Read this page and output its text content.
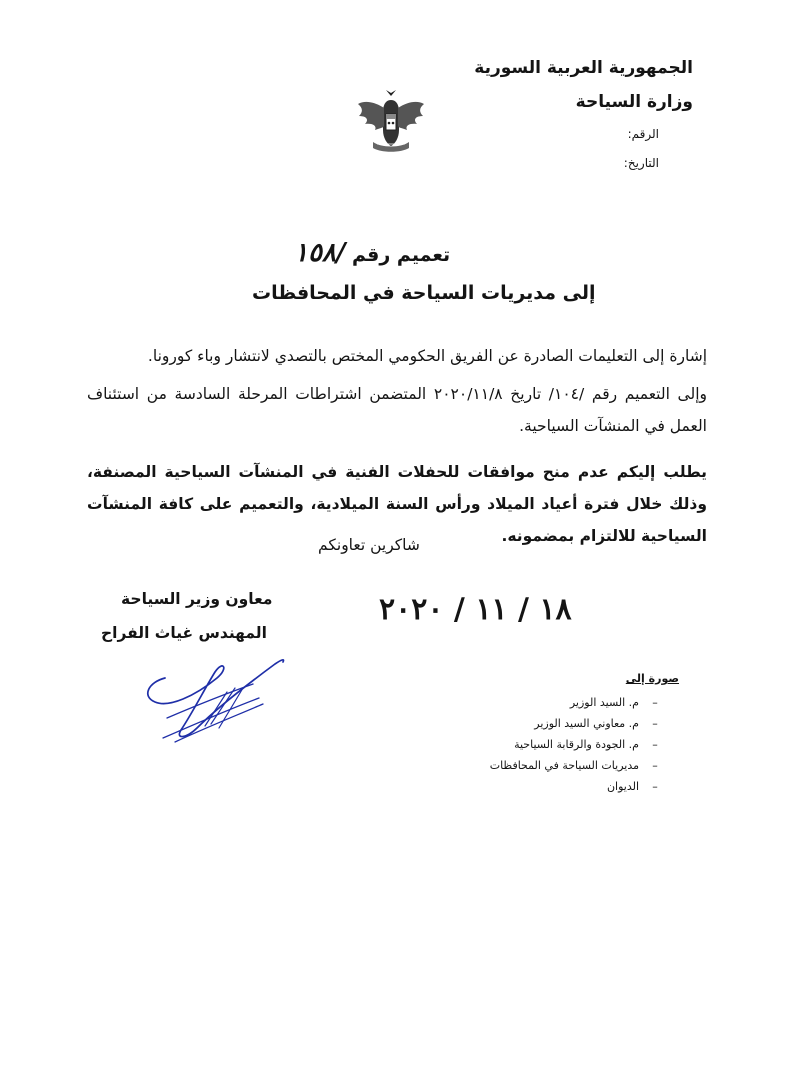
الجمهورية العربية السورية
وزارة السياحة
الرقم:
التاريخ:
تعميم رقم /١٥٨
إلى مديريات السياحة في المحافظات
إشارة إلى التعليمات الصادرة عن الفريق الحكومي المختص بالتصدي لانتشار وباء كورونا.
وإلى التعميم رقم /١٠٤/ تاريخ ٢٠٢٠/١١/٨ المتضمن اشتراطات المرحلة السادسة من استئناف العمل في المنشآت السياحية.
يطلب إليكم عدم منح موافقات للحفلات الفنية في المنشآت السياحية المصنفة، وذلك خلال فترة أعياد الميلاد ورأس السنة الميلادية، والتعميم على كافة المنشآت السياحية للالتزام بمضمونه.
شاكرين تعاونكم
معاون وزير السياحة
المهندس غياث الفراح
١٨ / ١١ / ٢٠٢٠
صورة إلى
–م. السيد الوزير
–م. معاوني السيد الوزير
–م. الجودة والرقابة السياحية
–مديريات السياحة في المحافظات
–الديوان
